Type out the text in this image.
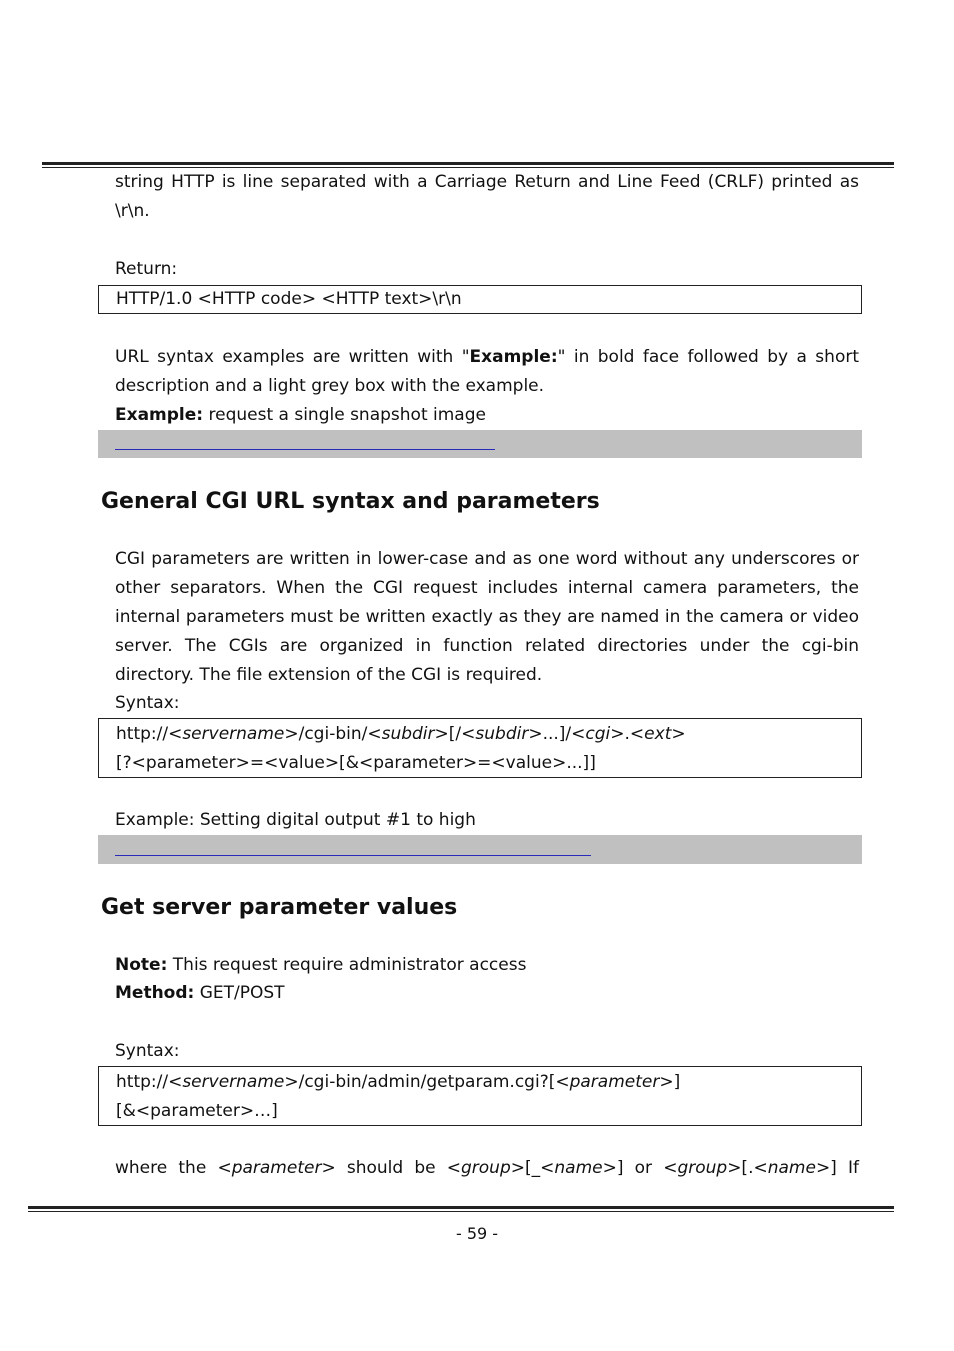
string HTTP is line separated with a Carriage Return and Line Feed (CRLF) printed as
\r\n.
Return:
HTTP/1.0 <HTTP code> <HTTP text>\r\n
URL syntax examples are written with "Example:" in bold face followed by a short
description and a light grey box with the example.
Example: request a single snapshot image
General CGI URL syntax and parameters
CGI parameters are written in lower-case and as one word without any underscores or other separators. When the CGI request includes internal camera parameters, the internal parameters must be written exactly as they are named in the camera or video server. The CGIs are organized in function related directories under the cgi-bin directory. The file extension of the CGI is required.
Syntax:
http://<servername>/cgi-bin/<subdir>[/<subdir>...]/<cgi>.<ext>
[?<parameter>=<value>[&<parameter>=<value>...]]
Example: Setting digital output #1 to high
Get server parameter values
Note: This request require administrator access
Method: GET/POST
Syntax:
http://<servername>/cgi-bin/admin/getparam.cgi?[<parameter>]
[&<parameter>…]
where the <parameter> should be <group>[_<name>] or <group>[.<name>] If
- 59 -
